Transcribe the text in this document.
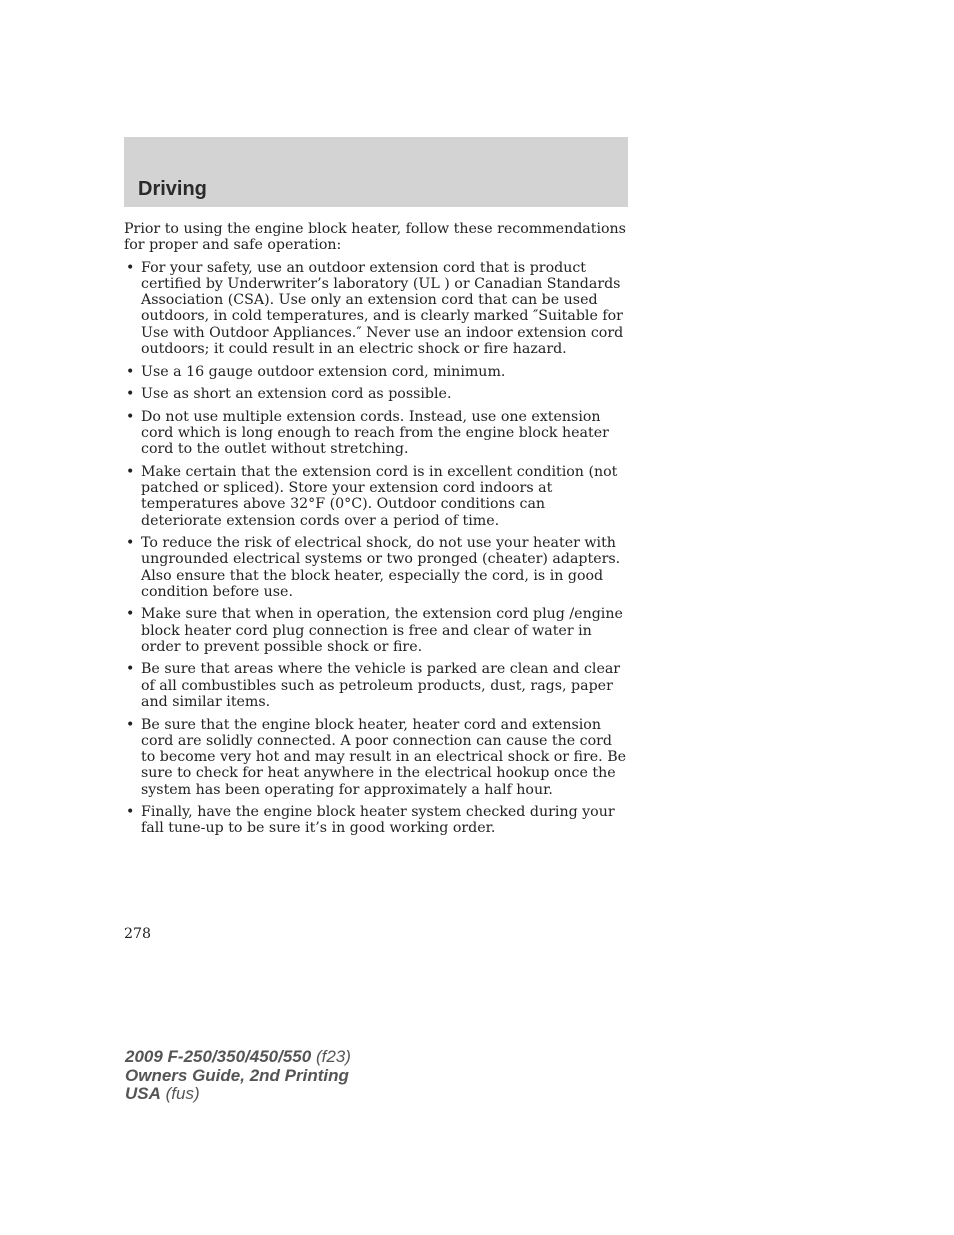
Driving

Prior to using the engine block heater, follow these recommendations for proper and safe operation:

• For your safety, use an outdoor extension cord that is product certified by Underwriter’s laboratory (UL ) or Canadian Standards Association (CSA). Use only an extension cord that can be used outdoors, in cold temperatures, and is clearly marked ″Suitable for Use with Outdoor Appliances.″ Never use an indoor extension cord outdoors; it could result in an electric shock or fire hazard.
• Use a 16 gauge outdoor extension cord, minimum.
• Use as short an extension cord as possible.
• Do not use multiple extension cords. Instead, use one extension cord which is long enough to reach from the engine block heater cord to the outlet without stretching.
• Make certain that the extension cord is in excellent condition (not patched or spliced). Store your extension cord indoors at temperatures above 32°F (0°C). Outdoor conditions can deteriorate extension cords over a period of time.
• To reduce the risk of electrical shock, do not use your heater with ungrounded electrical systems or two pronged (cheater) adapters. Also ensure that the block heater, especially the cord, is in good condition before use.
• Make sure that when in operation, the extension cord plug /engine block heater cord plug connection is free and clear of water in order to prevent possible shock or fire.
• Be sure that areas where the vehicle is parked are clean and clear of all combustibles such as petroleum products, dust, rags, paper and similar items.
• Be sure that the engine block heater, heater cord and extension cord are solidly connected. A poor connection can cause the cord to become very hot and may result in an electrical shock or fire. Be sure to check for heat anywhere in the electrical hookup once the system has been operating for approximately a half hour.
• Finally, have the engine block heater system checked during your fall tune-up to be sure it’s in good working order.
278
2009 F-250/350/450/550 (f23)
Owners Guide, 2nd Printing
USA (fus)
